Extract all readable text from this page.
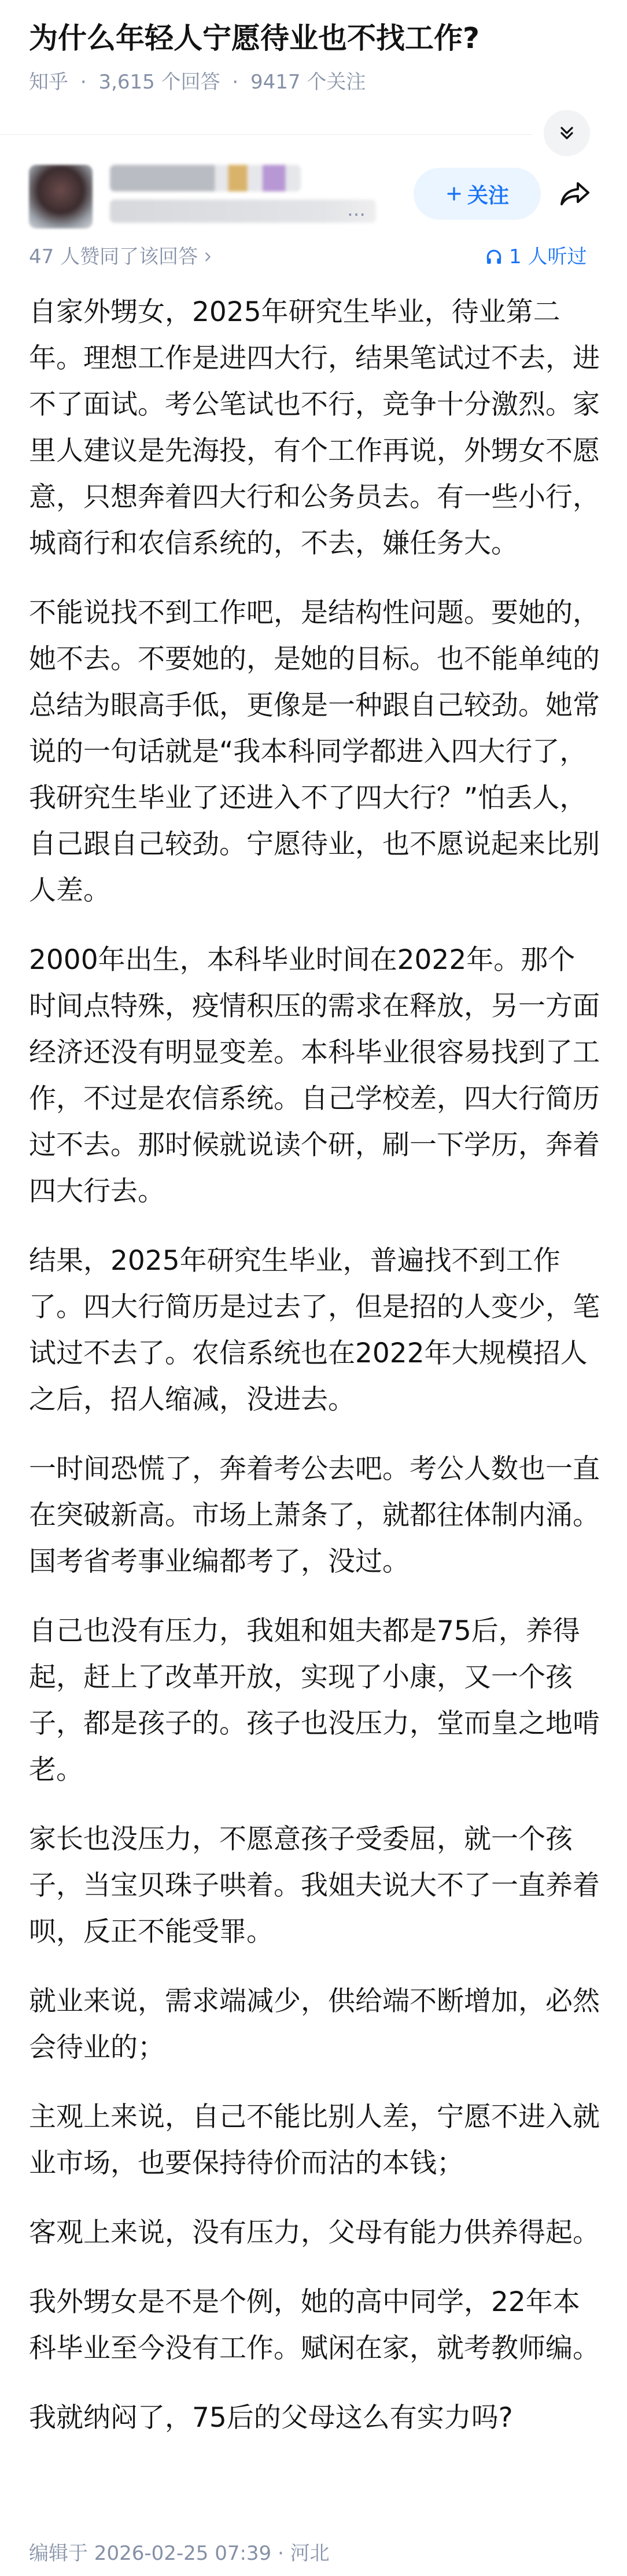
为什么年轻人宁愿待业也不找工作?
知乎 · 3,615 个回答 · 9417 个关注
…
关注
47 人赞同了该回答	1 人听过

自家外甥女，2025年研究生毕业，待业第二年。理想工作是进四大行，结果笔试过不去，进不了面试。考公笔试也不行，竞争十分激烈。家里人建议是先海投，有个工作再说，外甥女不愿意，只想奔着四大行和公务员去。有一些小行，城商行和农信系统的，不去，嫌任务大。

不能说找不到工作吧，是结构性问题。要她的，她不去。不要她的，是她的目标。也不能单纯的总结为眼高手低，更像是一种跟自己较劲。她常说的一句话就是“我本科同学都进入四大行了，我研究生毕业了还进入不了四大行？”怕丢人，自己跟自己较劲。宁愿待业，也不愿说起来比别人差。

2000年出生，本科毕业时间在2022年。那个时间点特殊，疫情积压的需求在释放，另一方面经济还没有明显变差。本科毕业很容易找到了工作，不过是农信系统。自己学校差，四大行简历过不去。那时候就说读个研，刷一下学历，奔着四大行去。

结果，2025年研究生毕业，普遍找不到工作了。四大行简历是过去了，但是招的人变少，笔试过不去了。农信系统也在2022年大规模招人之后，招人缩减，没进去。

一时间恐慌了，奔着考公去吧。考公人数也一直在突破新高。市场上萧条了，就都往体制内涌。国考省考事业编都考了，没过。

自己也没有压力，我姐和姐夫都是75后，养得起，赶上了改革开放，实现了小康，又一个孩子，都是孩子的。孩子也没压力，堂而皇之地啃老。

家长也没压力，不愿意孩子受委屈，就一个孩子，当宝贝珠子哄着。我姐夫说大不了一直养着呗，反正不能受罪。

就业来说，需求端减少，供给端不断增加，必然会待业的；

主观上来说，自己不能比别人差，宁愿不进入就业市场，也要保持待价而沽的本钱；

客观上来说，没有压力，父母有能力供养得起。

我外甥女是不是个例，她的高中同学，22年本科毕业至今没有工作。赋闲在家，就考教师编。

我就纳闷了，75后的父母这么有实力吗?

编辑于 2026-02-25 07:39 · 河北
